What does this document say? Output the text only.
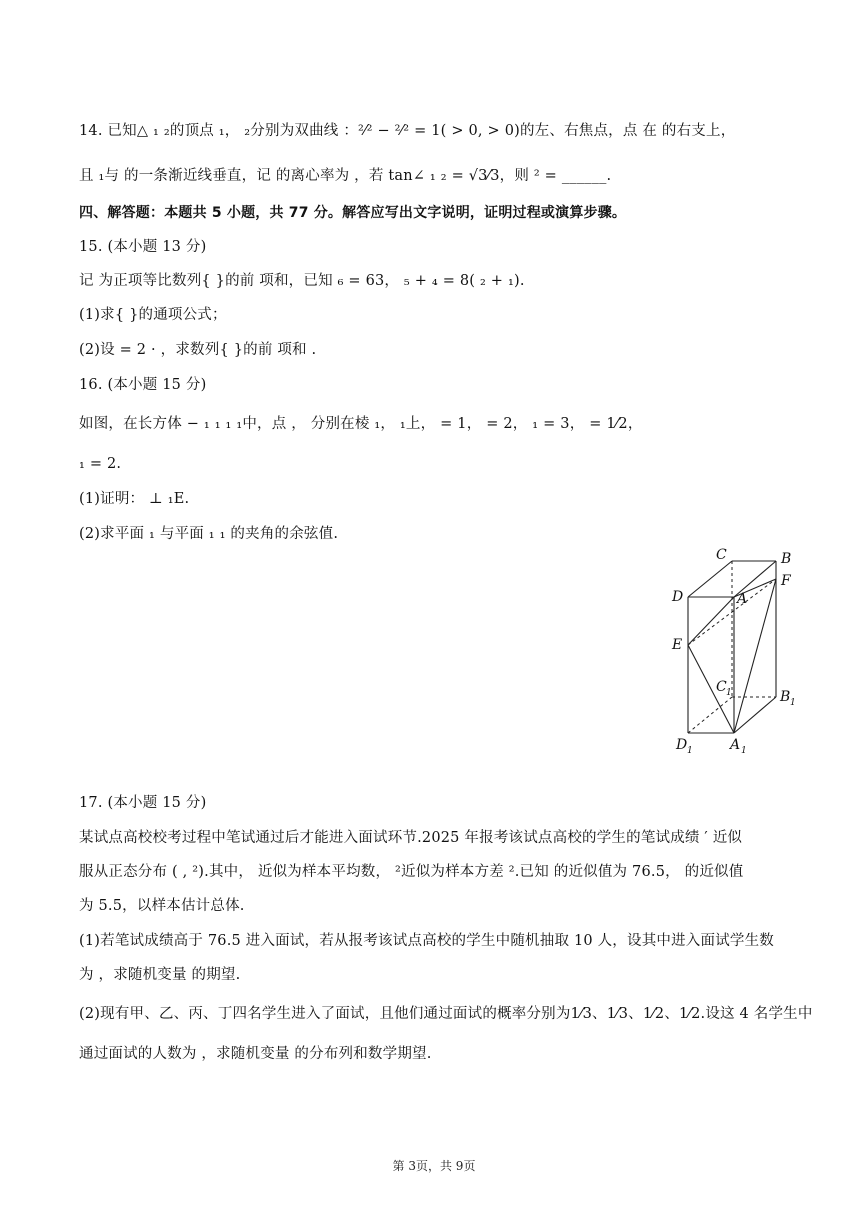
14. 已知△ ₁ ₂的顶点 ₁， ₂分别为双曲线 ：²⁄² − ²⁄² = 1( > 0, > 0)的左、右焦点，点 在 的右支上，
且 ₁与 的一条渐近线垂直，记 的离心率为 ，若 tan∠ ₁ ₂ = √3⁄3，则 ² = ______.
四、解答题：本题共 5 小题，共 77 分。解答应写出文字说明，证明过程或演算步骤。
15. (本小题 13 分)
记 为正项等比数列{ }的前 项和，已知 ₆ = 63， ₅ + ₄ = 8( ₂ + ₁).
(1)求{ }的通项公式；
(2)设 = 2 · ，求数列{ }的前 项和 .
16. (本小题 15 分)
如图，在长方体 − ₁ ₁ ₁ ₁中，点 ， 分别在棱 ₁， ₁上， = 1， = 2， ₁ = 3， = 1⁄2，
₁ = 2.
(1)证明： ⊥ ₁E.
(2)求平面 ₁ 与平面 ₁ ₁ 的夹角的余弦值.
C	B
F
D	A
E
C 1	B 1
D 1	A 1
17. (本小题 15 分)
某试点高校校考过程中笔试通过后才能进入面试环节.2025 年报考该试点高校的学生的笔试成绩 ′ 近似
服从正态分布 ( , ²).其中， 近似为样本平均数， ²近似为样本方差 ².已知 的近似值为 76.5， 的近似值
为 5.5，以样本估计总体.
(1)若笔试成绩高于 76.5 进入面试，若从报考该试点高校的学生中随机抽取 10 人，设其中进入面试学生数
为 ，求随机变量 的期望.
(2)现有甲、乙、丙、丁四名学生进入了面试，且他们通过面试的概率分别为1⁄3、1⁄3、1⁄2、1⁄2.设这 4 名学生中
通过面试的人数为 ，求随机变量 的分布列和数学期望.
第 3页，共 9页
